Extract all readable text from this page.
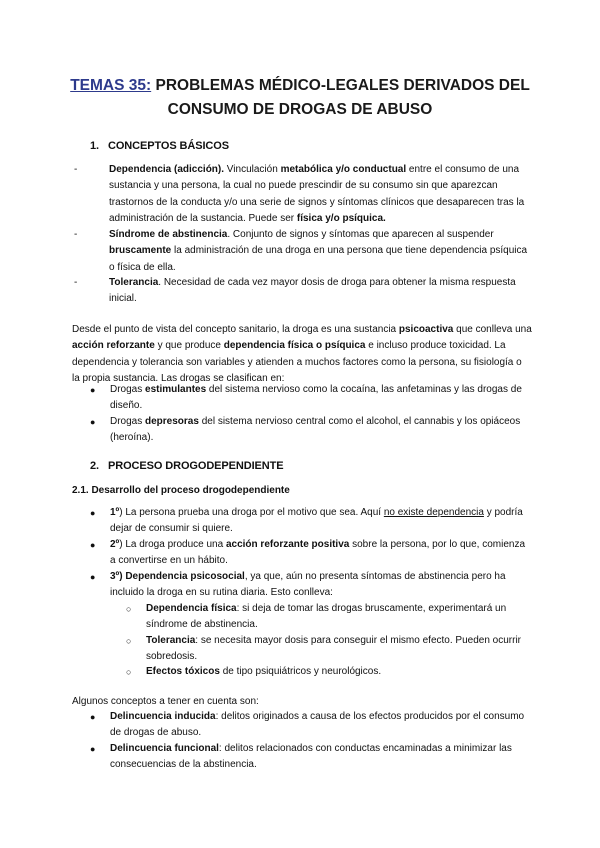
TEMAS 35: PROBLEMAS MÉDICO-LEGALES DERIVADOS DEL
CONSUMO DE DROGAS DE ABUSO
1. CONCEPTOS BÁSICOS
-	Dependencia (adicción). Vinculación metabólica y/o conductual entre el consumo de una sustancia y una persona, la cual no puede prescindir de su consumo sin que aparezcan trastornos de la conducta y/o una serie de signos y síntomas clínicos que desaparecen tras la administración de la sustancia. Puede ser física y/o psíquica.

-	Síndrome de abstinencia. Conjunto de signos y síntomas que aparecen al suspender bruscamente la administración de una droga en una persona que tiene dependencia psíquica o física de ella.

-	Tolerancia. Necesidad de cada vez mayor dosis de droga para obtener la misma respuesta inicial.

Desde el punto de vista del concepto sanitario, la droga es una sustancia psicoactiva que conlleva una acción reforzante y que produce dependencia física o psíquica e incluso produce toxicidad. La dependencia y tolerancia son variables y atienden a muchos factores como la persona, su fisiología o la propia sustancia. Las drogas se clasifican en:

● Drogas estimulantes del sistema nervioso como la cocaína, las anfetaminas y las drogas de diseño.

● Drogas depresoras del sistema nervioso central como el alcohol, el cannabis y los opiáceos (heroína).

2. PROCESO DROGODEPENDIENTE
2.1. Desarrollo del proceso drogodependiente
● 1º) La persona prueba una droga por el motivo que sea. Aquí no existe dependencia y podría dejar de consumir si quiere.

● 2º) La droga produce una acción reforzante positiva sobre la persona, por lo que, comienza a convertirse en un hábito.

● 3º) Dependencia psicosocial, ya que, aún no presenta síntomas de abstinencia pero ha incluido la droga en su rutina diaria. Esto conlleva:

○ Dependencia física: si deja de tomar las drogas bruscamente, experimentará un síndrome de abstinencia.

○ Tolerancia: se necesita mayor dosis para conseguir el mismo efecto. Pueden ocurrir sobredosis.

○ Efectos tóxicos de tipo psiquiátricos y neurológicos.

Algunos conceptos a tener en cuenta son:

● Delincuencia inducida: delitos originados a causa de los efectos producidos por el consumo de drogas de abuso.

● Delincuencia funcional: delitos relacionados con conductas encaminadas a minimizar las consecuencias de la abstinencia.
